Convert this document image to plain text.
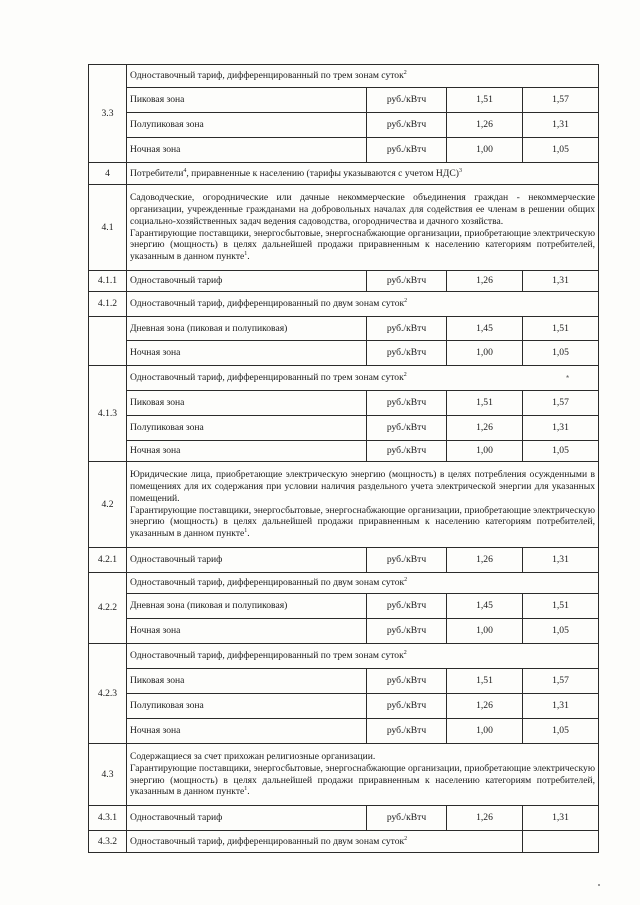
3.3	Одноставочный тариф, дифференцированный по трем зонам суток$^2$
	Пиковая зона	руб./кВтч	1,51	1,57
	Полупиковая зона	руб./кВтч	1,26	1,31
	Ночная зона	руб./кВтч	1,00	1,05
4	Потребители$^4$, приравненные к населению (тарифы указываются с учетом НДС)$^3$
4.1	Садоводческие, огороднические или дачные некоммерческие объединения граждан - некоммерческие организации, учрежденные гражданами на добровольных началах для содействия ее членам в решении общих социально-хозяйственных задач ведения садоводства, огородничества и дачного хозяйства.
Гарантирующие поставщики, энергосбытовые, энергоснабжающие организации, приобретающие электрическую энергию (мощность) в целях дальнейшей продажи приравненным к населению категориям потребителей, указанным в данном пункте$^1$.			

4.1.1	Одноставочный тариф	руб./кВтч	1,26	1,31
4.1.2	Одноставочный тариф, дифференцированный по двум зонам суток$^2$
	Дневная зона (пиковая и полупиковая)	руб./кВтч	1,45	1,51
	Ночная зона	руб./кВтч	1,00	1,05
4.1.3	Одноставочный тариф, дифференцированный по трем зонам суток$^2$
	Пиковая зона	руб./кВтч	1,51	1,57
	Полупиковая зона	руб./кВтч	1,26	1,31
	Ночная зона	руб./кВтч	1,00	1,05
4.2	Юридические лица, приобретающие электрическую энергию (мощность) в целях потребления осужденными в помещениях для их содержания при условии наличия раздельного учета электрической энергии для указанных помещений.
Гарантирующие поставщики, энергосбытовые, энергоснабжающие организации, приобретающие электрическую энергию (мощность) в целях дальнейшей продажи приравненным к населению категориям потребителей, указанным в данном пункте$^1$.			

4.2.1	Одноставочный тариф	руб./кВтч	1,26	1,31
4.2.2	Одноставочный тариф, дифференцированный по двум зонам суток$^2$
	Дневная зона (пиковая и полупиковая)	руб./кВтч	1,45	1,51
	Ночная зона	руб./кВтч	1,00	1,05
4.2.3	Одноставочный тариф, дифференцированный по трем зонам суток$^2$
	Пиковая зона	руб./кВтч	1,51	1,57
	Полупиковая зона	руб./кВтч	1,26	1,31
	Ночная зона	руб./кВтч	1,00	1,05
4.3	Содержащиеся за счет прихожан религиозные организации.
Гарантирующие поставщики, энергосбытовые, энергоснабжающие организации, приобретающие электрическую энергию (мощность) в целях дальнейшей продажи приравненным к населению категориям потребителей, указанным в данном пункте$^1$.			

4.3.1	Одноставочный тариф	руб./кВтч	1,26	1,31
4.3.2	Одноставочный тариф, дифференцированный по двум зонам суток$^2$	
*
